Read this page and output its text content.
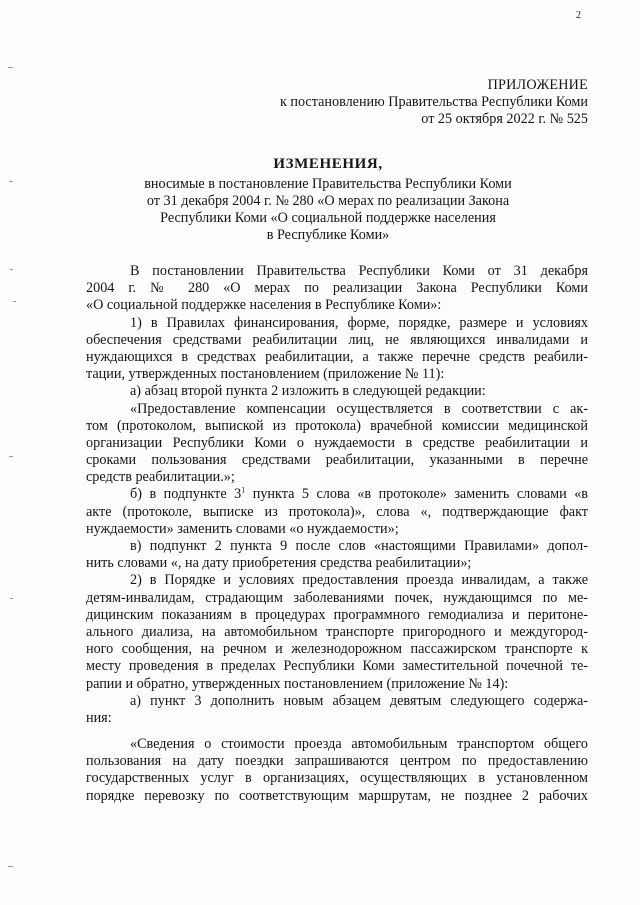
2
ПРИЛОЖЕНИЕ
к постановлению Правительства Республики Коми
от 25 октября 2022 г. № 525
ИЗМЕНЕНИЯ,
вносимые в постановление Правительства Республики Коми
от 31 декабря 2004 г. № 280 «О мерах по реализации Закона
Республики Коми «О социальной поддержке населения
в Республике Коми»
В постановлении Правительства Республики Коми от 31 декабря
2004 г. № 280 «О мерах по реализации Закона Республики Коми
«О социальной поддержке населения в Республике Коми»:
1) в Правилах финансирования, форме, порядке, размере и условиях
обеспечения средствами реабилитации лиц, не являющихся инвалидами и
нуждающихся в средствах реабилитации, а также перечне средств реабили-
тации, утвержденных постановлением (приложение № 11):
а) абзац второй пункта 2 изложить в следующей редакции:
«Предоставление компенсации осуществляется в соответствии с ак-
том (протоколом, выпиской из протокола) врачебной комиссии медицинской
организации Республики Коми о нуждаемости в средстве реабилитации и
сроками пользования средствами реабилитации, указанными в перечне
средств реабилитации.»;
б) в подпункте $3^1$ пункта 5 слова «в протоколе» заменить словами «в
акте (протоколе, выписке из протокола)», слова «, подтверждающие факт
нуждаемости» заменить словами «о нуждаемости»;
в) подпункт 2 пункта 9 после слов «настоящими Правилами» допол-
нить словами «, на дату приобретения средства реабилитации»;
2) в Порядке и условиях предоставления проезда инвалидам, а также
детям-инвалидам, страдающим заболеваниями почек, нуждающимся по ме-
дицинским показаниям в процедурах программного гемодиализа и перитоне-
ального диализа, на автомобильном транспорте пригородного и междугород-
ного сообщения, на речном и железнодорожном пассажирском транспорте к
месту проведения в пределах Республики Коми заместительной почечной те-
рапии и обратно, утвержденных постановлением (приложение № 14):
а) пункт 3 дополнить новым абзацем девятым следующего содержа-
ния:
«Сведения о стоимости проезда автомобильным транспортом общего
пользования на дату поездки запрашиваются центром по предоставлению
государственных услуг в организациях, осуществляющих в установленном
порядке перевозку по соответствующим маршрутам, не позднее 2 рабочих
